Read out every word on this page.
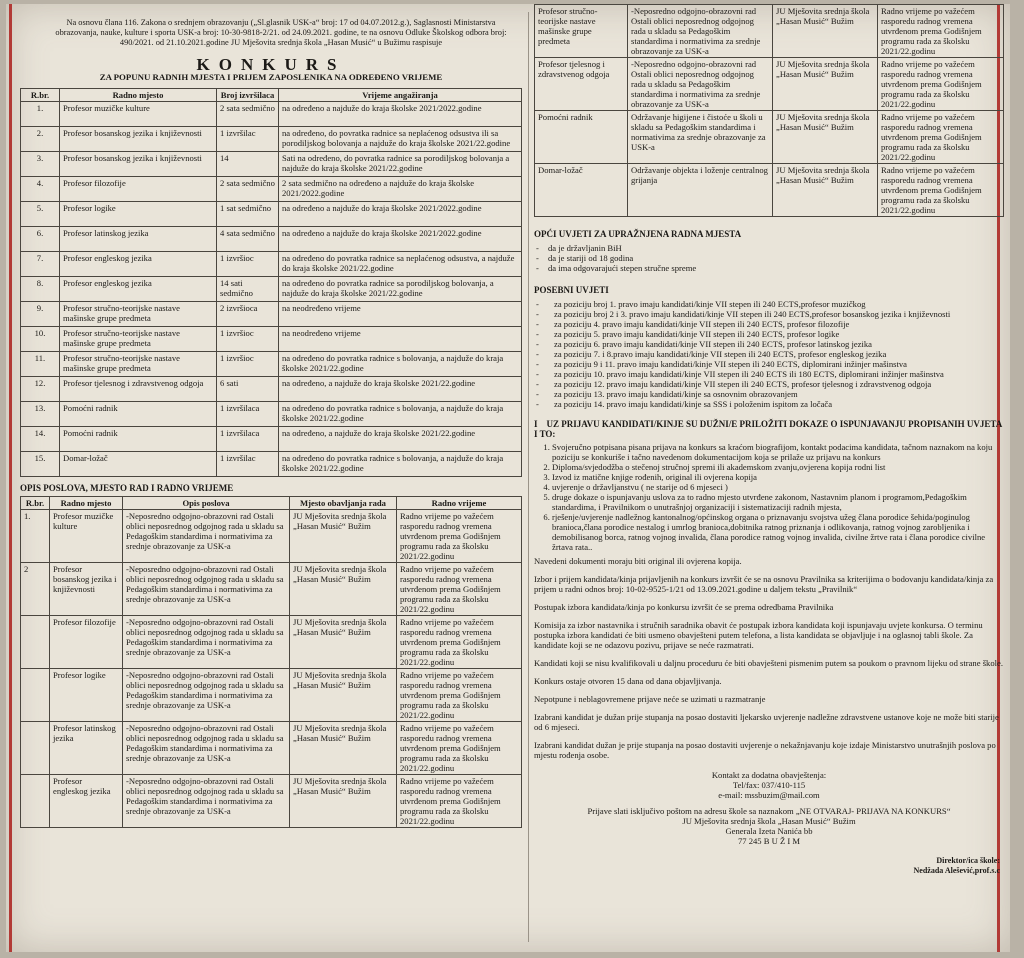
Na osnovu člana 116. Zakona o srednjem obrazovanju („Sl.glasnik USK-a“ broj: 17 od 04.07.2012.g.), Saglasnosti Ministarstva obrazovanja, nauke, kulture i sporta USK-a broj: 10-30-9818-2/21. od 24.09.2021. godine, te na osnovu Odluke Školskog odbora broj: 490/2021. od 21.10.2021.godine JU Mješovita srednja škola „Hasan Musić“ u Bužimu raspisuje
KONKURS
ZA POPUNU RADNIH MJESTA I PRIJEM ZAPOSLENIKA NA ODREĐENO VRIJEME
R.br.	Radno mjesto	Broj izvršilaca	Vrijeme angažiranja
1.	Profesor muzičke kulture	2 sata sedmično	na određeno a najduže do kraja školske 2021/2022.godine
2.	Profesor bosanskog jezika i književnosti	1 izvršilac	na određeno, do povratka radnice sa neplaćenog odsustva ili sa porodiljskog bolovanja a najduže do kraja školske 2021/22.godine
3.	Profesor bosanskog jezika i književnosti	14	Sati na određeno, do povratka radnice sa porodiljskog bolovanja a najduže do kraja školske 2021/22.godine
4.	Profesor filozofije	2 sata sedmično	2 sata sedmično na određeno a najduže do kraja školske 2021/2022.godine
5.	Profesor logike	1 sat sedmično	na određeno a najduže do kraja školske 2021/2022.godine
6.	Profesor latinskog jezika	4 sata sedmično	na određeno a najduže do kraja školske 2021/2022.godine
7.	Profesor engleskog jezika	1 izvršioc	na određeno do povratka radnice sa neplaćenog odsustva, a najduže do kraja školske 2021/22.godine
8.	Profesor engleskog jezika	14 sati sedmično	na određeno do povratka radnice sa porodiljskog bolovanja, a najduže do kraja školske 2021/22.godine
9.	Profesor stručno-teorijske nastave mašinske grupe predmeta	2 izvršioca	na neodređeno vrijeme
10.	Profesor stručno-teorijske nastave mašinske grupe predmeta	1 izvršioc	na neodređeno vrijeme
11.	Profesor stručno-teorijske nastave mašinske grupe predmeta	1 izvršioc	na određeno do povratka radnice s bolovanja, a najduže do kraja školske 2021/22.godine
12.	Profesor tjelesnog i zdravstvenog odgoja	6 sati	na određeno, a najduže do kraja školske 2021/22.godine
13.	Pomoćni radnik	1 izvršilaca	na određeno do povratka radnice s bolovanja, a najduže do kraja školske 2021/22.godine
14.	Pomoćni radnik	1 izvršilaca	na određeno, a najduže do kraja školske 2021/22.godine
15.	Domar-ložač	1 izvršilac	na određeno do povratka radnice s bolovanja, a najduže do kraja školske 2021/22.godine
OPIS POSLOVA, MJESTO RAD I RADNO VRIJEME
R.br.	Radno mjesto	Opis poslova	Mjesto obavljanja rada	Radno vrijeme
1.	Profesor muzičke kulture	-Neposredno odgojno-obrazovni rad Ostali oblici neposrednog odgojnog rada u skladu sa Pedagoškim standardima i normativima za srednje obrazovanje za USK-a	JU Mješovita srednja škola „Hasan Musić“ Bužim	Radno vrijeme po važećem rasporedu radnog vremena utvrđenom prema Godišnjem programu rada za školsku 2021/22.godinu
2	Profesor bosanskog jezika i književnosti	-Neposredno odgojno-obrazovni rad Ostali oblici neposrednog odgojnog rada u skladu sa Pedagoškim standardima i normativima za srednje obrazovanje za USK-a	JU Mješovita srednja škola „Hasan Musić“ Bužim	Radno vrijeme po važećem rasporedu radnog vremena utvrđenom prema Godišnjem programu rada za školsku 2021/22.godinu
	Profesor filozofije	-Neposredno odgojno-obrazovni rad Ostali oblici neposrednog odgojnog rada u skladu sa Pedagoškim standardima i normativima za srednje obrazovanje za USK-a	JU Mješovita srednja škola „Hasan Musić“ Bužim	Radno vrijeme po važećem rasporedu radnog vremena utvrđenom prema Godišnjem programu rada za školsku 2021/22.godinu
	Profesor logike	-Neposredno odgojno-obrazovni rad Ostali oblici neposrednog odgojnog rada u skladu sa Pedagoškim standardima i normativima za srednje obrazovanje za USK-a	JU Mješovita srednja škola „Hasan Musić“ Bužim	Radno vrijeme po važećem rasporedu radnog vremena utvrđenom prema Godišnjem programu rada za školsku 2021/22.godinu
	Profesor latinskog jezika	-Neposredno odgojno-obrazovni rad Ostali oblici neposrednog odgojnog rada u skladu sa Pedagoškim standardima i normativima za srednje obrazovanje za USK-a	JU Mješovita srednja škola „Hasan Musić“ Bužim	Radno vrijeme po važećem rasporedu radnog vremena utvrđenom prema Godišnjem programu rada za školsku 2021/22.godinu
	Profesor engleskog jezika	-Neposredno odgojno-obrazovni rad Ostali oblici neposrednog odgojnog rada u skladu sa Pedagoškim standardima i normativima za srednje obrazovanje za USK-a	JU Mješovita srednja škola „Hasan Musić“ Bužim	Radno vrijeme po važećem rasporedu radnog vremena utvrđenom prema Godišnjem programu rada za školsku 2021/22.godinu
Profesor stručno-teorijske nastave mašinske grupe predmeta	-Neposredno odgojno-obrazovni rad Ostali oblici neposrednog odgojnog rada u skladu sa Pedagoškim standardima i normativima za srednje obrazovanje za USK-a	JU Mješovita srednja škola „Hasan Musić“ Bužim	Radno vrijeme po važećem rasporedu radnog vremena utvrđenom prema Godišnjem programu rada za školsku 2021/22.godinu
Profesor tjelesnog i zdravstvenog odgoja	-Neposredno odgojno-obrazovni rad Ostali oblici neposrednog odgojnog rada u skladu sa Pedagoškim standardima i normativima za srednje obrazovanje za USK-a	JU Mješovita srednja škola „Hasan Musić“ Bužim	Radno vrijeme po važećem rasporedu radnog vremena utvrđenom prema Godišnjem programu rada za školsku 2021/22.godinu
Pomoćni radnik	Održavanje higijene i čistoće u školi u skladu sa Pedagoškim standardima i normativima za srednje obrazovanje za USK-a	JU Mješovita srednja škola „Hasan Musić“ Bužim	Radno vrijeme po važećem rasporedu radnog vremena utvrđenom prema Godišnjem programu rada za školsku 2021/22.godinu
Domar-ložač	Održavanje objekta i loženje centralnog grijanja	JU Mješovita srednja škola „Hasan Musić“ Bužim	Radno vrijeme po važećem rasporedu radnog vremena utvrđenom prema Godišnjem programu rada za školsku 2021/22.godinu
OPĆI UVJETI ZA UPRAŽNJENA RADNA MJESTA
- da je državljanin BiH
- da je stariji od 18 godina
- da ima odgovarajući stepen stručne spreme
POSEBNI UVJETI
- za poziciju broj 1. pravo imaju kandidati/kinje VII stepen ili 240 ECTS,profesor muzičkog
- za poziciju broj 2 i 3. pravo imaju kandidati/kinje VII stepen ili 240 ECTS,profesor bosanskog jezika i književnosti
- za poziciju 4. pravo imaju kandidati/kinje VII stepen ili 240 ECTS, profesor filozofije
- za poziciju 5. pravo imaju kandidati/kinje VII stepen ili 240 ECTS, profesor logike
- za poziciju 6. pravo imaju kandidati/kinje VII stepen ili 240 ECTS, profesor latinskog jezika
- za poziciju 7. i 8.pravo imaju kandidati/kinje VII stepen ili 240 ECTS, profesor engleskog jezika
- za poziciju 9 i 11. pravo imaju kandidati/kinje VII stepen ili 240 ECTS, diplomirani inžinjer mašinstva
- za poziciju 10. pravo imaju kandidati/kinje VII stepen ili 240 ECTS ili 180 ECTS, diplomirani inžinjer mašinstva
- za poziciju 12. pravo imaju kandidati/kinje VII stepen ili 240 ECTS, profesor tjelesnog i zdravstvenog odgoja
- za poziciju 13. pravo imaju kandidati/kinje sa osnovnim obrazovanjem
- za poziciju 14. pravo imaju kandidati/kinje sa SSS i položenim ispitom za ločača
I UZ PRIJAVU KANDIDATI/KINJE SU DUŽNI/E PRILOŽITI DOKAZE O ISPUNJAVANJU PROPISANIH UVJETA I TO:
1. Svojeručno potpisana pisana prijava na konkurs sa kraćom biografijom, kontakt podacima kandidata, tačnom naznakom na koju poziciju se konkuriše i tačno navedenom dokumentacijom koja se prilaže uz prijavu na konkurs
2. Diploma/svjedodžba o stečenoj stručnoj spremi ili akademskom zvanju,ovjerena kopija rodni list
3. Izvod iz matične knjige rođenih, original ili ovjerena kopija
4. uvjerenje o državljanstvu ( ne starije od 6 mjeseci )
5. druge dokaze o ispunjavanju uslova za to radno mjesto utvrđene zakonom, Nastavnim planom i programom,Pedagoškim standardima, i Pravilnikom o unutrašnjoj organizaciji i sistematizaciji radnih mjesta,
6. rješenje/uvjerenje nadležnog kantonalnog/općinskog organa o priznavanju svojstva užeg člana porodice šehida/poginulog branioca,člana porodice nestalog i umrlog branioca,dobitnika ratnog priznanja i odlikovanja, ratnog vojnog zarobljenika i demobilisanog borca, ratnog vojnog invalida, člana porodice ratnog vojnog invalida, civilne žrtve rata i člana porodice civilne žrtava rata..

Navedeni dokumenti moraju biti original ili ovjerena kopija.

Izbor i prijem kandidata/kinja prijavljenih na konkurs izvršit će se na osnovu Pravilnika sa kriterijima o bodovanju kandidata/kinja za prijem u radni odnos broj: 10-02-9525-1/21 od 13.09.2021.godine u daljem tekstu „Pravilnik“

Postupak izbora kandidata/kinja po konkursu izvršit će se prema odredbama Pravilnika

Komisija za izbor nastavnika i stručnih saradnika obavit će postupak izbora kandidata koji ispunjavaju uvjete konkursa. O terminu postupka izbora kandidati će biti usmeno obavješteni putem telefona, a lista kandidata se objavljuje i na oglasnoj tabli škole. Za kandidate koji se ne odazovu pozivu, prijave se neće razmatrati.

Kandidati koji se nisu kvalifikovali u daljnu proceduru će biti obavješteni pismenim putem sa poukom o pravnom lijeku od strane škole.

Konkurs ostaje otvoren 15 dana od dana objavljivanja.

Nepotpune i neblagovremene prijave neće se uzimati u razmatranje

Izabrani kandidat je dužan prije stupanja na posao dostaviti ljekarsko uvjerenje nadležne zdravstvene ustanove koje ne može biti starije od 6 mjeseci.

Izabrani kandidat dužan je prije stupanja na posao dostaviti uvjerenje o nekažnjavanju koje izdaje Ministarstvo unutrašnjih poslova po mjestu rođenja osobe.

Kontakt za dodatna obavještenja:
Tel/fax: 037/410-115
e-mail: mssbuzim@mail.com
Prijave slati isključivo poštom na adresu škole sa naznakom „NE OTVARAJ- PRIJAVA NA KONKURS“
JU Mješovita srednja škola „Hasan Musić“ Bužim
Generala Izeta Nanića bb
77 245 B U Ž I M
Direktor/ica škole:
Nedžada Alešević,prof.s.c
